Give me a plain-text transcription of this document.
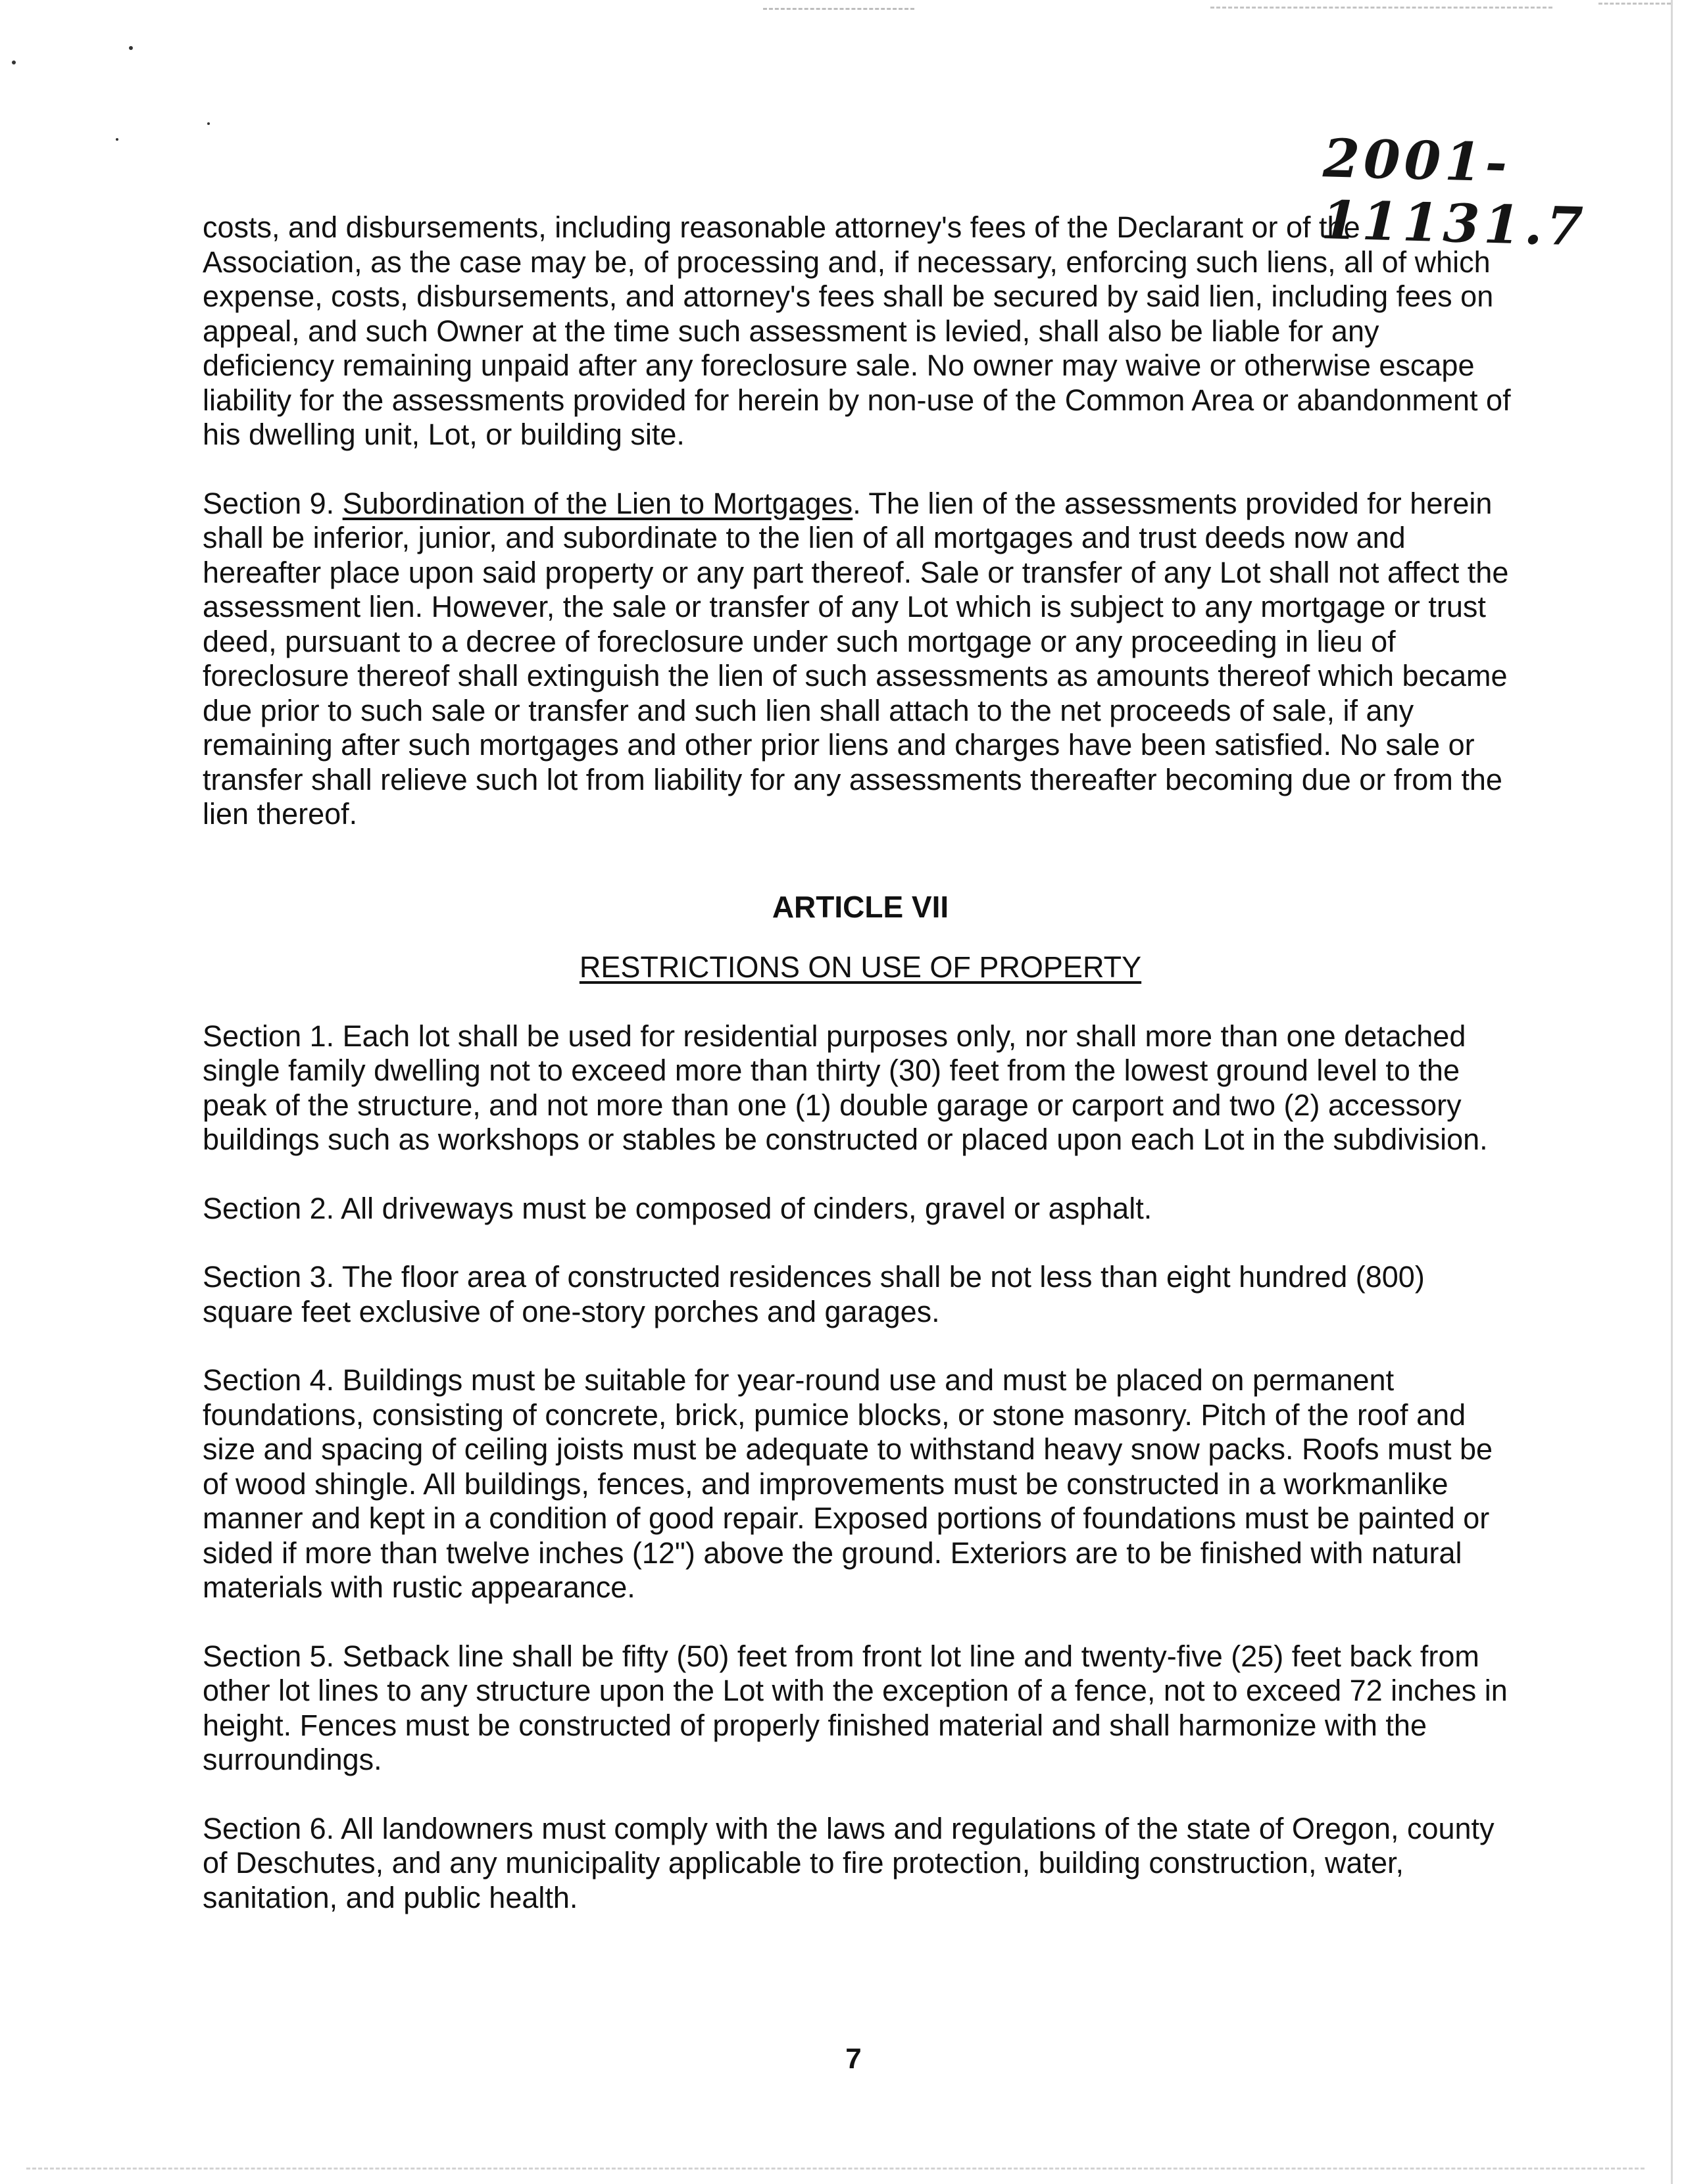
2001-11131.7

costs, and disbursements, including reasonable attorney's fees of the Declarant or of the Association, as the case may be, of processing and, if necessary, enforcing such liens, all of which expense, costs, disbursements, and attorney's fees shall be secured by said lien, including fees on appeal, and such Owner at the time such assessment is levied, shall also be liable for any deficiency remaining unpaid after any foreclosure sale. No owner may waive or otherwise escape liability for the assessments provided for herein by non-use of the Common Area or abandonment of his dwelling unit, Lot, or building site.

Section 9. Subordination of the Lien to Mortgages. The lien of the assessments provided for herein shall be inferior, junior, and subordinate to the lien of all mortgages and trust deeds now and hereafter place upon said property or any part thereof. Sale or transfer of any Lot shall not affect the assessment lien. However, the sale or transfer of any Lot which is subject to any mortgage or trust deed, pursuant to a decree of foreclosure under such mortgage or any proceeding in lieu of foreclosure thereof shall extinguish the lien of such assessments as amounts thereof which became due prior to such sale or transfer and such lien shall attach to the net proceeds of sale, if any remaining after such mortgages and other prior liens and charges have been satisfied. No sale or transfer shall relieve such lot from liability for any assessments thereafter becoming due or from the lien thereof.

ARTICLE VII
RESTRICTIONS ON USE OF PROPERTY

Section 1. Each lot shall be used for residential purposes only, nor shall more than one detached single family dwelling not to exceed more than thirty (30) feet from the lowest ground level to the peak of the structure, and not more than one (1) double garage or carport and two (2) accessory buildings such as workshops or stables be constructed or placed upon each Lot in the subdivision.

Section 2. All driveways must be composed of cinders, gravel or asphalt.

Section 3. The floor area of constructed residences shall be not less than eight hundred (800) square feet exclusive of one-story porches and garages.

Section 4. Buildings must be suitable for year-round use and must be placed on permanent foundations, consisting of concrete, brick, pumice blocks, or stone masonry. Pitch of the roof and size and spacing of ceiling joists must be adequate to withstand heavy snow packs. Roofs must be of wood shingle. All buildings, fences, and improvements must be constructed in a workmanlike manner and kept in a condition of good repair. Exposed portions of foundations must be painted or sided if more than twelve inches (12") above the ground. Exteriors are to be finished with natural materials with rustic appearance.

Section 5. Setback line shall be fifty (50) feet from front lot line and twenty-five (25) feet back from other lot lines to any structure upon the Lot with the exception of a fence, not to exceed 72 inches in height. Fences must be constructed of properly finished material and shall harmonize with the surroundings.

Section 6. All landowners must comply with the laws and regulations of the state of Oregon, county of Deschutes, and any municipality applicable to fire protection, building construction, water, sanitation, and public health.

7
